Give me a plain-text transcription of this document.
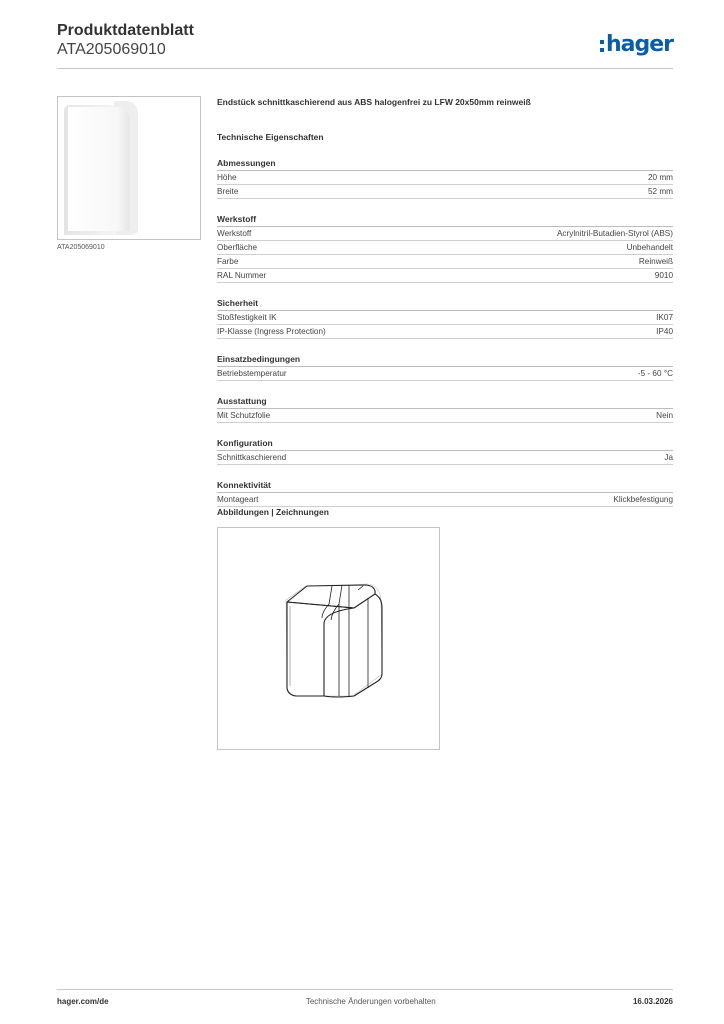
Produktdatenblatt
ATA205069010	hager
ATA205069010
Endstück schnittkaschierend aus ABS halogenfrei zu LFW 20x50mm reinweiß
Technische Eigenschaften
Abmessungen
Höhe	20 mm
Breite	52 mm
Werkstoff
Werkstoff	Acrylnitril-Butadien-Styrol (ABS)
Oberfläche	Unbehandelt
Farbe	Reinweiß
RAL Nummer	9010
Sicherheit
Stoßfestigkeit IK	IK07
IP-Klasse (Ingress Protection)	IP40
Einsatzbedingungen
Betriebstemperatur	-5 - 60 °C
Ausstattung
Mit Schutzfolie	Nein
Konfiguration
Schnittkaschierend	Ja
Konnektivität
Montageart	Klickbefestigung
Abbildungen | Zeichnungen
hager.com/de	Technische Änderungen vorbehalten	16.03.2026
